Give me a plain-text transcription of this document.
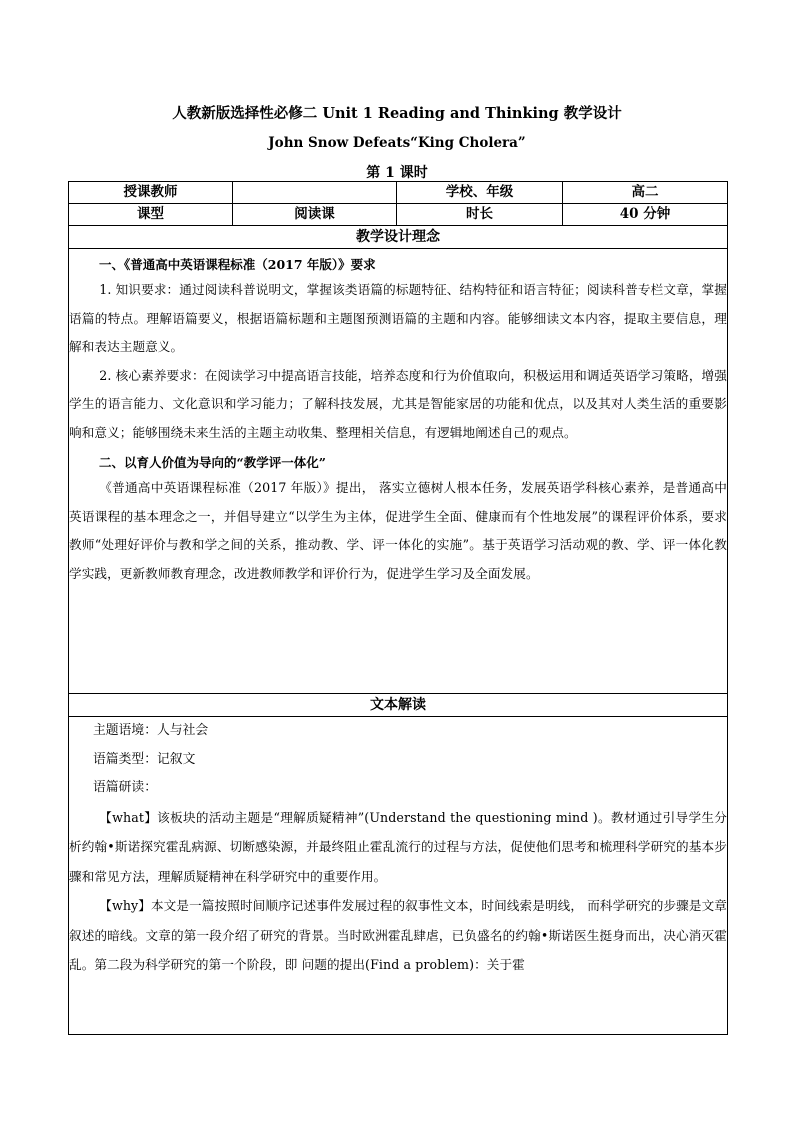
人教新版选择性必修二 Unit 1 Reading and Thinking 教学设计
John Snow Defeats“King Cholera”
第 1 课时
授课教师		学校、年级	高二
课型	阅读课	时长	40 分钟
教学设计理念			

一、《普通高中英语课程标准（2017 年版）》要求

1. 知识要求：通过阅读科普说明文，掌握该类语篇的标题特征、结构特征和语言特征；阅读科普专栏文章，掌握语篇的特点。理解语篇要义，根据语篇标题和主题图预测语篇的主题和内容。能够细读文本内容，提取主要信息，理解和表达主题意义。

2. 核心素养要求：在阅读学习中提高语言技能，培养态度和行为价值取向，积极运用和调适英语学习策略，增强学生的语言能力、文化意识和学习能力；了解科技发展，尤其是智能家居的功能和优点，以及其对人类生活的重要影响和意义；能够围绕未来生活的主题主动收集、整理相关信息，有逻辑地阐述自己的观点。

二、以育人价值为导向的“教学评一体化”

《普通高中英语课程标准（2017 年版）》提出， 落实立德树人根本任务，发展英语学科核心素养，是普通高中英语课程的基本理念之一，并倡导建立“以学生为主体，促进学生全面、健康而有个性地发展”的课程评价体系，要求教师“处理好评价与教和学之间的关系，推动教、学、评一体化的实施”。基于英语学习活动观的教、学、评一体化教学实践，更新教师教育理念，改进教师教学和评价行为，促进学生学习及全面发展。			

文本解读			

主题语境：人与社会

语篇类型：记叙文

语篇研读：

【what】该板块的活动主题是“理解质疑精神”(Understand the questioning mind )。教材通过引导学生分析约翰•斯诺探究霍乱病源、切断感染源，并最终阻止霍乱流行的过程与方法，促使他们思考和梳理科学研究的基本步骤和常见方法，理解质疑精神在科学研究中的重要作用。

【why】本文是一篇按照时间顺序记述事件发展过程的叙事性文本，时间线索是明线， 而科学研究的步骤是文章叙述的暗线。文章的第一段介绍了研究的背景。当时欧洲霍乱肆虐，已负盛名的约翰•斯诺医生挺身而出，决心消灭霍乱。第二段为科学研究的第一个阶段，即 问题的提出(Find a problem)：关于霍			
